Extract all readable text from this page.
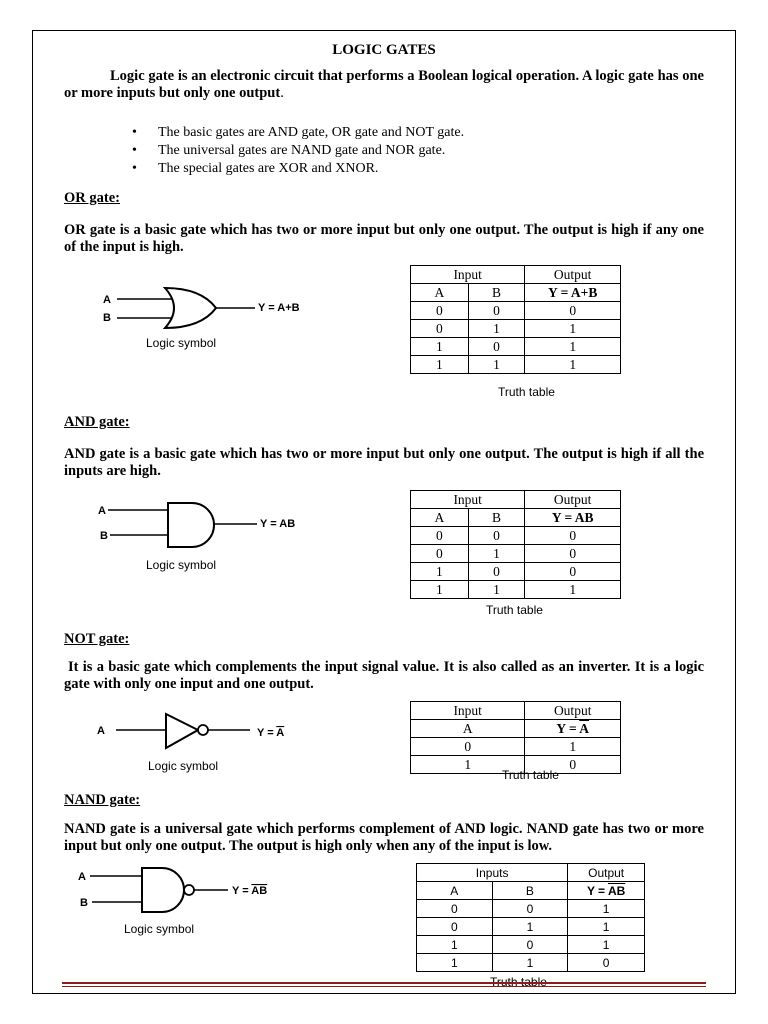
LOGIC GATES
Logic gate is an electronic circuit that performs a Boolean logical operation. A logic gate has one or more inputs but only one output.
• The basic gates are AND gate, OR gate and NOT gate.
• The universal gates are NAND gate and NOR gate.
• The special gates are XOR and XNOR.
OR gate:
OR gate is a basic gate which has two or more input but only one output. The output is high if any one of the input is high.
A
B
Y = A+B
Logic symbol
Input		Output
A	B	Y = A+B
0	0	0
0	1	1
1	0	1
1	1	1
Truth table
AND gate:
AND gate is a basic gate which has two or more input but only one output. The output is high if all the inputs are high.
A
B
Y = AB
Logic symbol
Input		Output
A	B	Y = AB
0	0	0
0	1	0
1	0	0
1	1	1
Truth table
NOT gate:
It is a basic gate which complements the input signal value. It is also called as an inverter. It is a logic gate with only one input and one output.
A	Y = A
Logic symbol
Input	Output
A	$Y = \overline{A}$
0	1
1	0
Truth table
NAND gate:
NAND gate is a universal gate which performs complement of AND logic. NAND gate has two or more input but only one output. The output is high only when any of the input is low.
A
B
Y = AB
Logic symbol
Inputs		Output
A	B	$Y = \overline{AB}$
0	0	1
0	1	1
1	0	1
1	1	0
